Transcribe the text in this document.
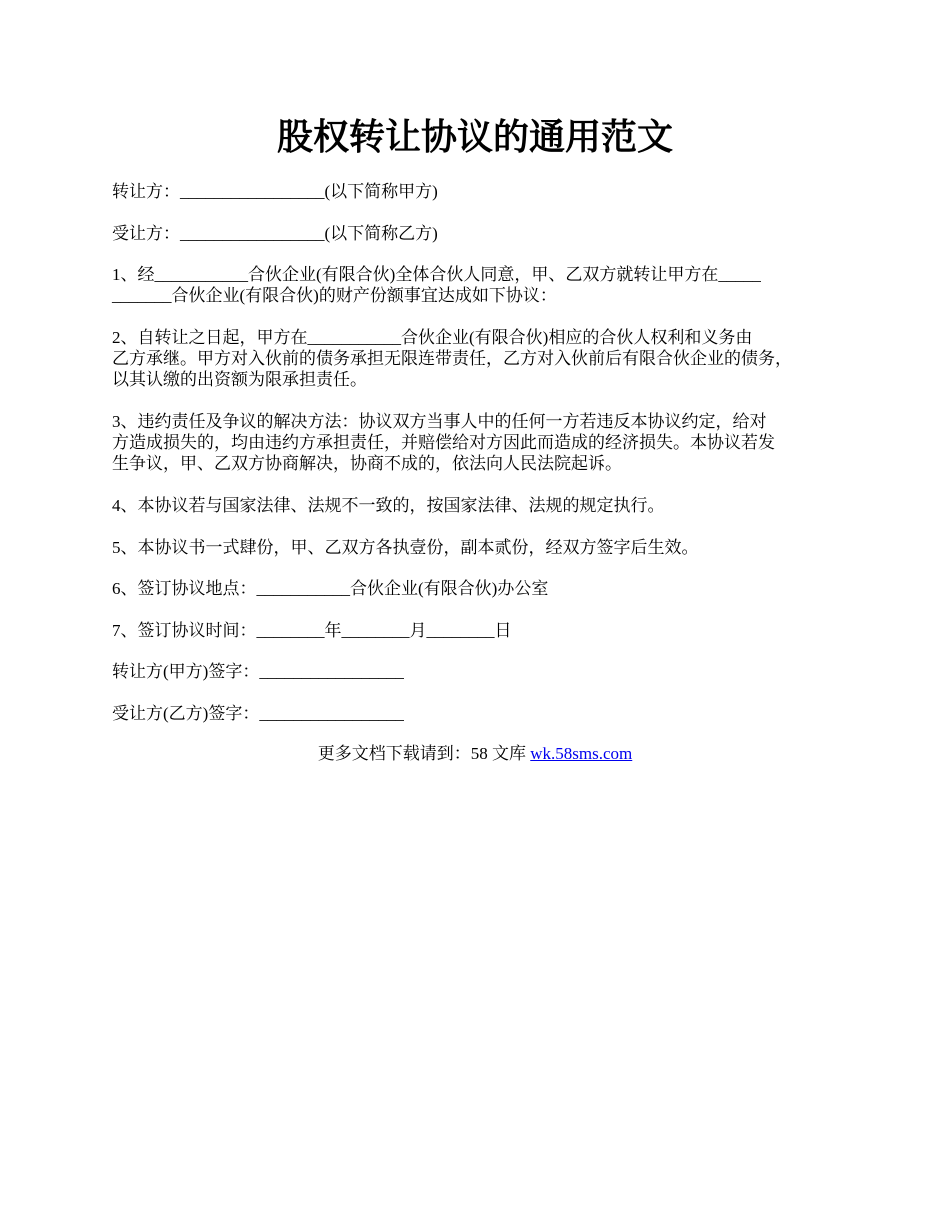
股权转让协议的通用范文

转让方：_________________(以下简称甲方)

受让方：_________________(以下简称乙方)

1、经___________合伙企业(有限合伙)全体合伙人同意，甲、乙双方就转让甲方在_____
_______合伙企业(有限合伙)的财产份额事宜达成如下协议：

2、自转让之日起，甲方在___________合伙企业(有限合伙)相应的合伙人权利和义务由
乙方承继。甲方对入伙前的债务承担无限连带责任，乙方对入伙前后有限合伙企业的债务，
以其认缴的出资额为限承担责任。

3、违约责任及争议的解决方法：协议双方当事人中的任何一方若违反本协议约定，给对
方造成损失的，均由违约方承担责任，并赔偿给对方因此而造成的经济损失。本协议若发
生争议，甲、乙双方协商解决，协商不成的，依法向人民法院起诉。

4、本协议若与国家法律、法规不一致的，按国家法律、法规的规定执行。

5、本协议书一式肆份，甲、乙双方各执壹份，副本贰份，经双方签字后生效。

6、签订协议地点：___________合伙企业(有限合伙)办公室

7、签订协议时间：________年________月________日

转让方(甲方)签字：_________________

受让方(乙方)签字：_________________

更多文档下载请到：58 文库 wk.58sms.com
